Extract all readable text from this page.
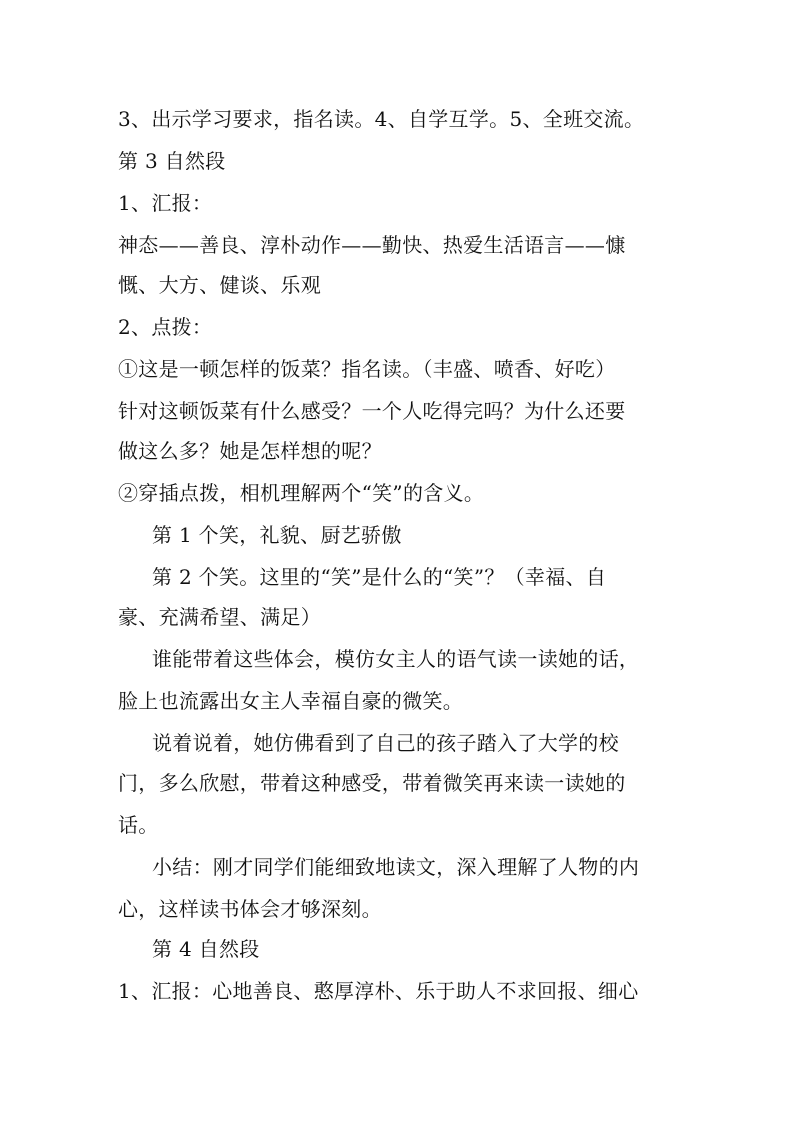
3、出示学习要求，指名读。4、自学互学。5、全班交流。
第 3 自然段
1、汇报：
神态——善良、淳朴动作——勤快、热爱生活语言——慷
慨、大方、健谈、乐观
2、点拨：
①这是一顿怎样的饭菜？指名读。（丰盛、喷香、好吃）
针对这顿饭菜有什么感受？一个人吃得完吗？为什么还要
做这么多？她是怎样想的呢？
②穿插点拨，相机理解两个“笑”的含义。
第 1 个笑，礼貌、厨艺骄傲
第 2 个笑。这里的“笑”是什么的“笑”？（幸福、自
豪、充满希望、满足）
谁能带着这些体会，模仿女主人的语气读一读她的话，
脸上也流露出女主人幸福自豪的微笑。
说着说着，她仿佛看到了自己的孩子踏入了大学的校
门，多么欣慰，带着这种感受，带着微笑再来读一读她的
话。
小结：刚才同学们能细致地读文，深入理解了人物的内
心，这样读书体会才够深刻。
第 4 自然段
1、汇报：心地善良、憨厚淳朴、乐于助人不求回报、细心
